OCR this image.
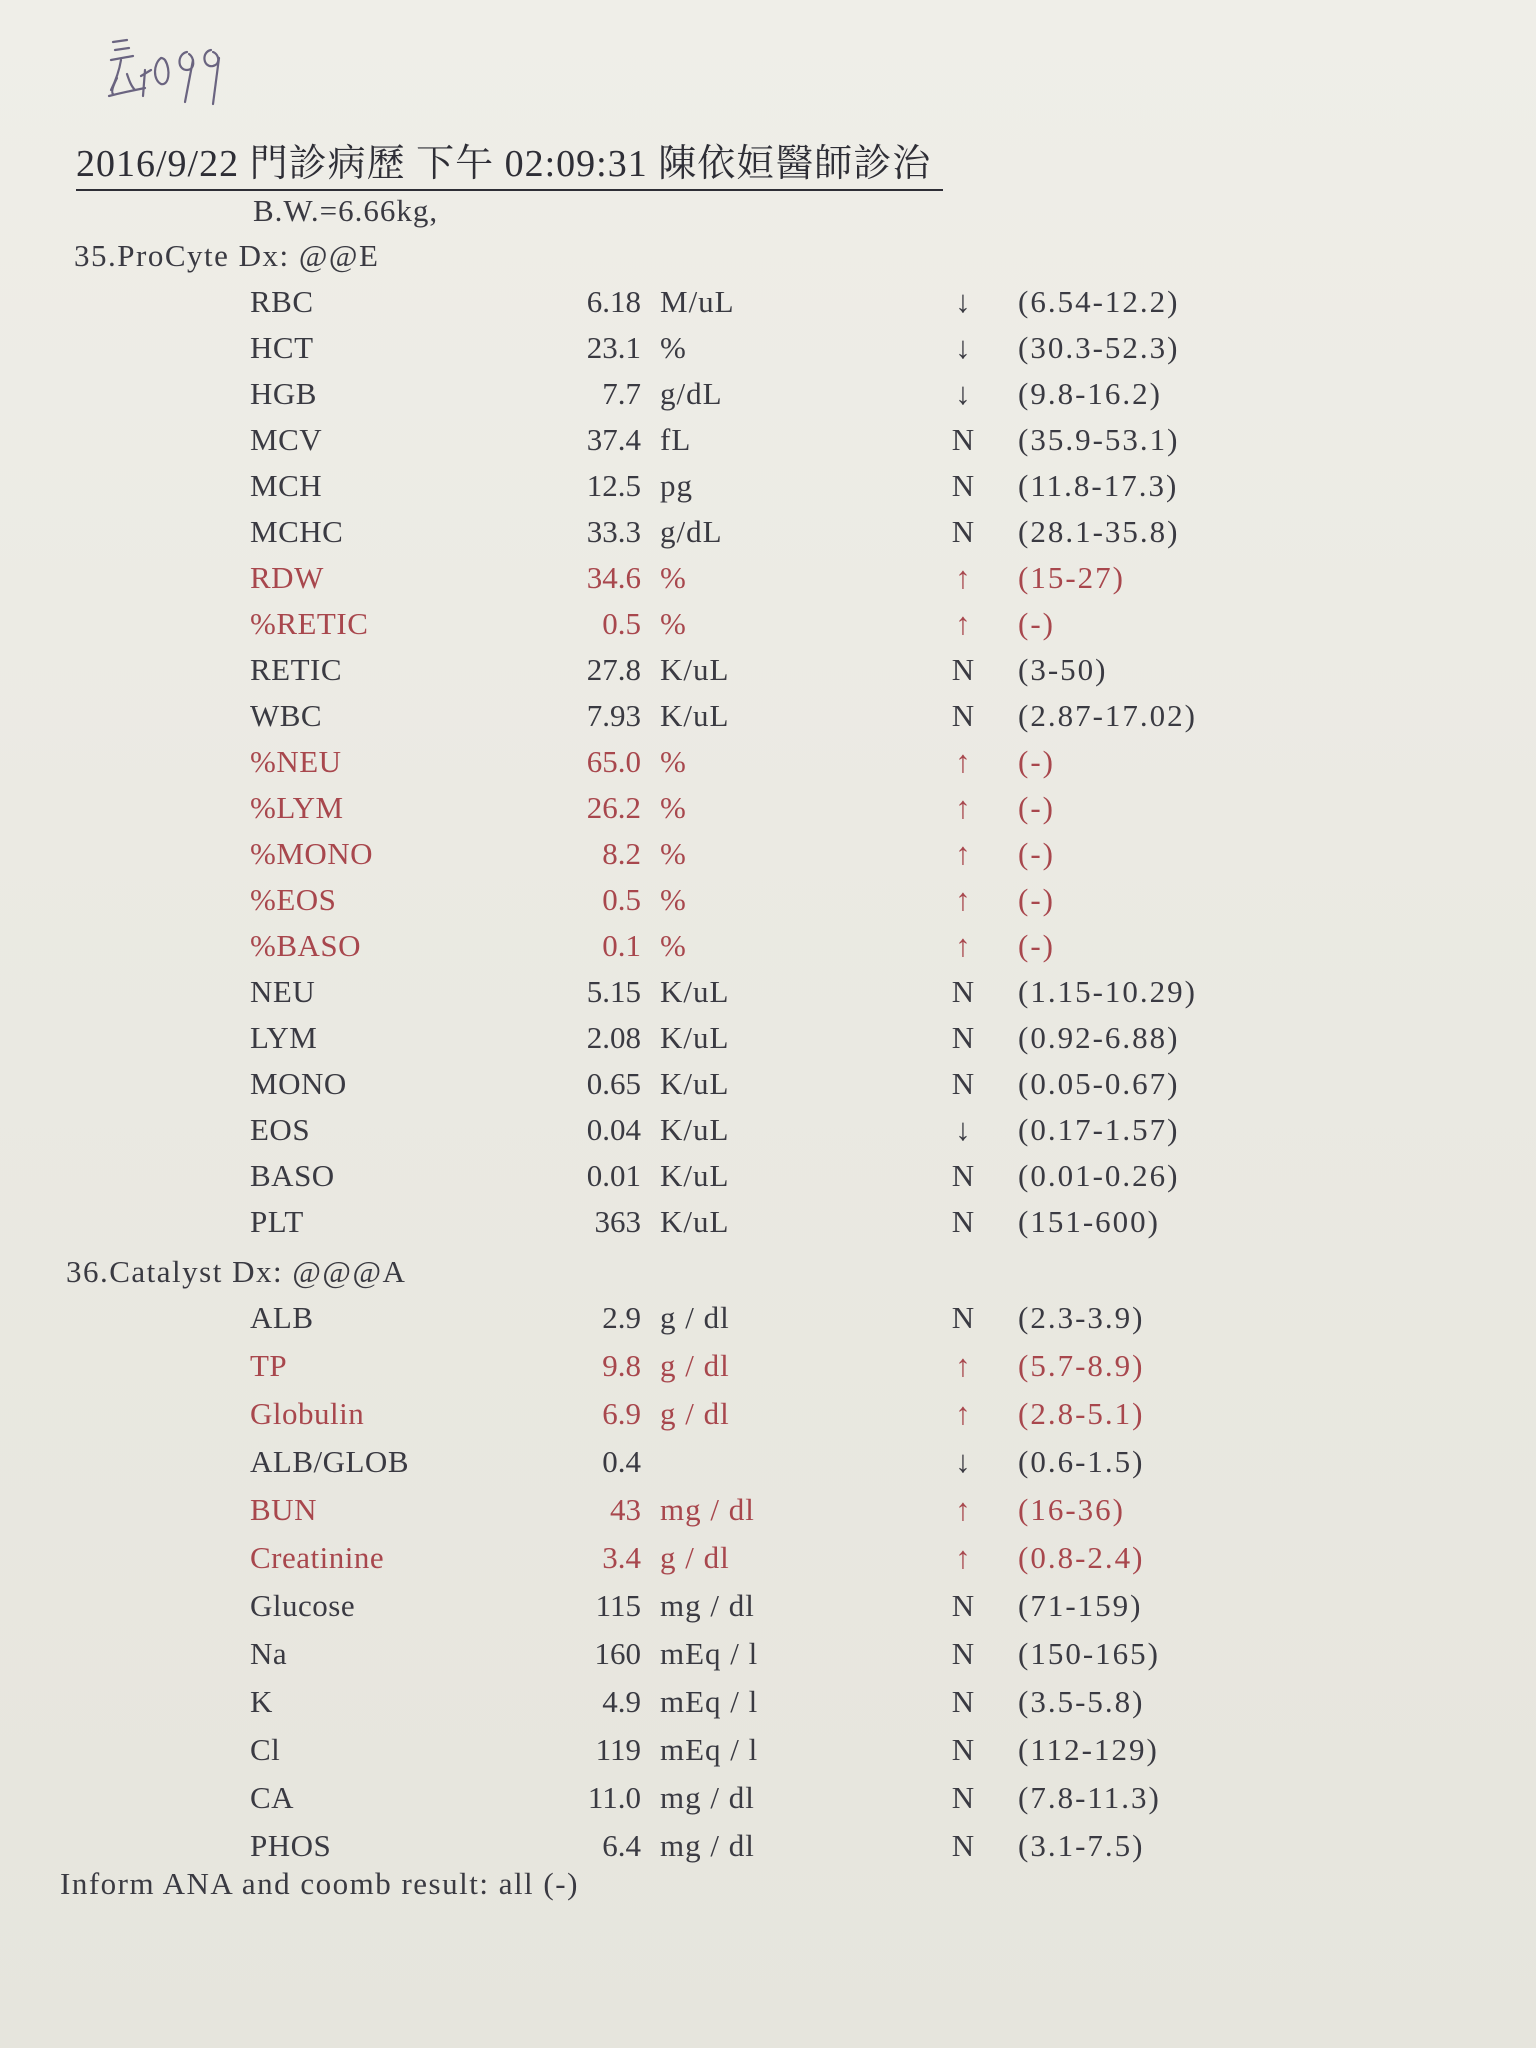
2016/9/22 門診病歷 下午 02:09:31 陳依姮醫師診治
B.W.=6.66kg,
35.ProCyte Dx: @@E
RBC	6.18 M/uL	↓ (6.54-12.2)
HCT	23.1 %	↓ (30.3-52.3)
HGB	7.7 g/dL	↓ (9.8-16.2)
MCV	37.4 fL	N (35.9-53.1)
MCH	12.5 pg	N (11.8-17.3)
MCHC	33.3 g/dL	N (28.1-35.8)
RDW	34.6 %	↑ (15-27)
%RETIC	0.5 %	↑ (-)
RETIC	27.8 K/uL	N (3-50)
WBC	7.93 K/uL	N (2.87-17.02)
%NEU	65.0 %	↑ (-)
%LYM	26.2 %	↑ (-)
%MONO	8.2 %	↑ (-)
%EOS	0.5 %	↑ (-)
%BASO	0.1 %	↑ (-)
NEU	5.15 K/uL	N (1.15-10.29)
LYM	2.08 K/uL	N (0.92-6.88)
MONO	0.65 K/uL	N (0.05-0.67)
EOS	0.04 K/uL	↓ (0.17-1.57)
BASO	0.01 K/uL	N (0.01-0.26)
PLT	363 K/uL	N (151-600)
36.Catalyst Dx: @@@A
ALB	2.9 g / dl	N (2.3-3.9)
TP	9.8 g / dl	↑ (5.7-8.9)
Globulin	6.9 g / dl	↑ (2.8-5.1)
ALB/GLOB	0.4	↓ (0.6-1.5)
BUN	43 mg / dl	↑ (16-36)
Creatinine	3.4 g / dl	↑ (0.8-2.4)
Glucose	115 mg / dl	N (71-159)
Na	160 mEq / l	N (150-165)
K	4.9 mEq / l	N (3.5-5.8)
Cl	119 mEq / l	N (112-129)
CA	11.0 mg / dl	N (7.8-11.3)
PHOS	6.4 mg / dl	N (3.1-7.5)
Inform ANA and coomb result: all (-)
